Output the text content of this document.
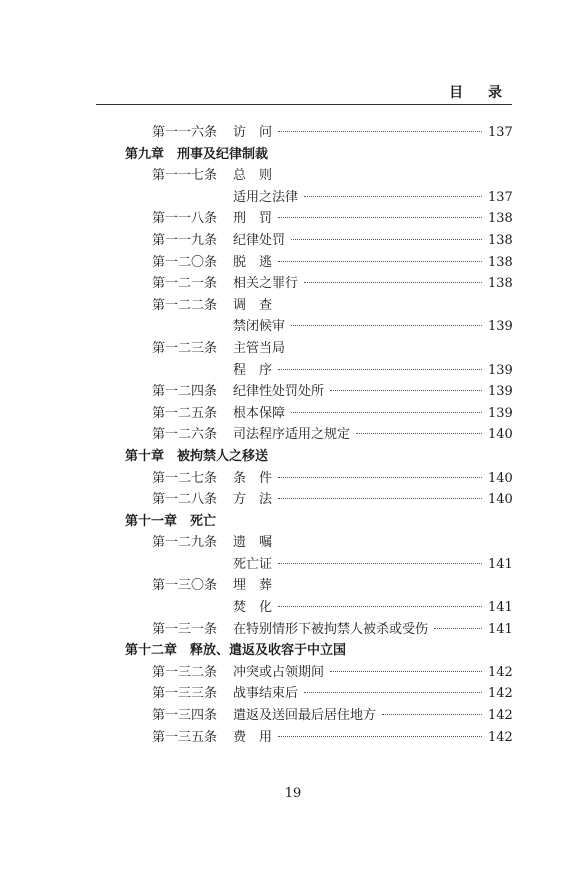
目 录
第一一六条	访　问	137
第九章　刑事及纪律制裁
第一一七条	总　则
适用之法律	137
第一一八条	刑　罚	138
第一一九条	纪律处罚	138
第一二〇条	脱　逃	138
第一二一条	相关之罪行	138
第一二二条	调　查
禁闭候审	139
第一二三条	主管当局
程　序	139
第一二四条	纪律性处罚处所	139
第一二五条	根本保障	139
第一二六条	司法程序适用之规定	140
第十章　被拘禁人之移送
第一二七条	条　件	140
第一二八条	方　法	140
第十一章　死亡
第一二九条	遗　嘱
死亡证	141
第一三〇条	埋　葬
焚　化	141
第一三一条	在特别情形下被拘禁人被杀或受伤	141
第十二章　释放、遣返及收容于中立国
第一三二条	冲突或占领期间	142
第一三三条	战事结束后	142
第一三四条	遣返及送回最后居住地方	142
第一三五条	费　用	142
19
